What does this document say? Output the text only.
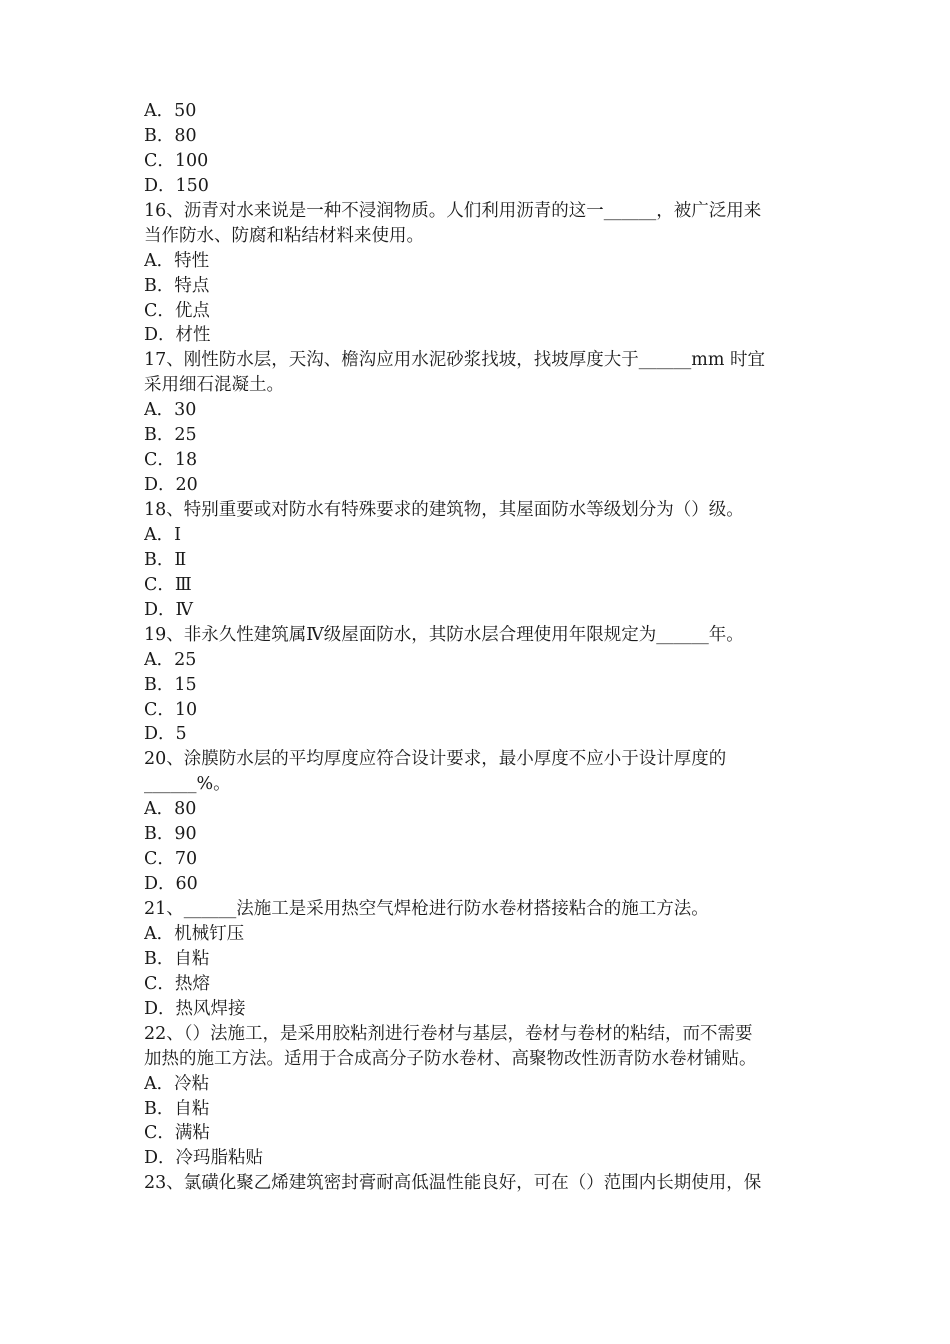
A．50
B．80
C．100
D．150
16、沥青对水来说是一种不浸润物质。人们利用沥青的这一______，被广泛用来
当作防水、防腐和粘结材料来使用。
A．特性
B．特点
C．优点
D．材性
17、刚性防水层，天沟、檐沟应用水泥砂浆找坡，找坡厚度大于______mm 时宜
采用细石混凝土。
A．30
B．25
C．18
D．20
18、特别重要或对防水有特殊要求的建筑物，其屋面防水等级划分为（）级。
A．Ⅰ
B．Ⅱ
C．Ⅲ
D．Ⅳ
19、非永久性建筑属Ⅳ级屋面防水，其防水层合理使用年限规定为______年。
A．25
B．15
C．10
D．5
20、涂膜防水层的平均厚度应符合设计要求，最小厚度不应小于设计厚度的
______%。
A．80
B．90
C．70
D．60
21、______法施工是采用热空气焊枪进行防水卷材搭接粘合的施工方法。
A．机械钉压
B．自粘
C．热熔
D．热风焊接
22、（）法施工，是采用胶粘剂进行卷材与基层，卷材与卷材的粘结，而不需要
加热的施工方法。适用于合成高分子防水卷材、高聚物改性沥青防水卷材铺贴。
A．冷粘
B．自粘
C．满粘
D．冷玛脂粘贴
23、氯磺化聚乙烯建筑密封膏耐高低温性能良好，可在（）范围内长期使用，保
